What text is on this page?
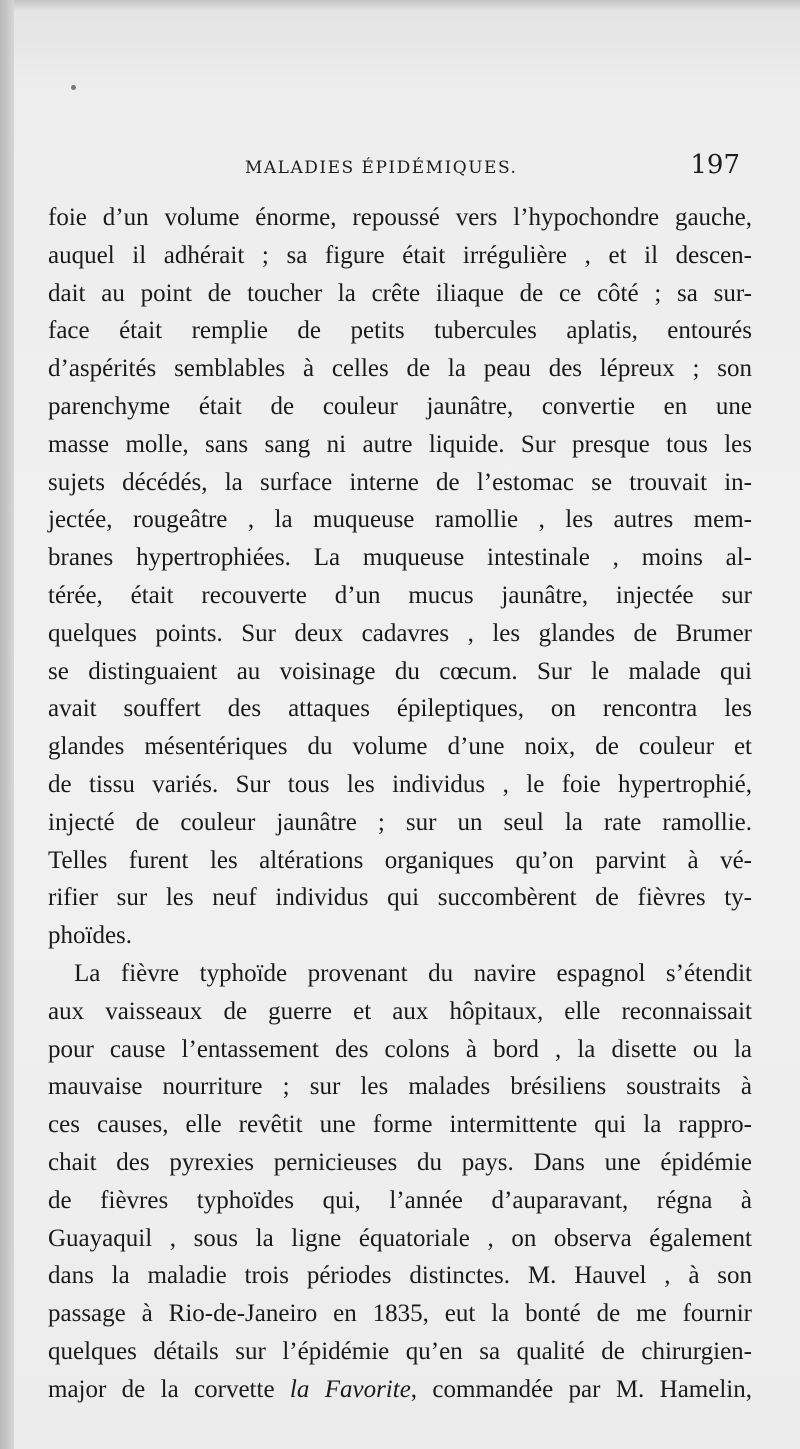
MALADIES ÉPIDÉMIQUES.	197
foie d’un volume énorme, repoussé vers l’hypochondre gauche,
auquel il adhérait ; sa figure était irrégulière , et il descen-
dait au point de toucher la crête iliaque de ce côté ; sa sur-
face était remplie de petits tubercules aplatis, entourés
d’aspérités semblables à celles de la peau des lépreux ; son
parenchyme était de couleur jaunâtre, convertie en une
masse molle, sans sang ni autre liquide. Sur presque tous les
sujets décédés, la surface interne de l’estomac se trouvait in-
jectée, rougeâtre , la muqueuse ramollie , les autres mem-
branes hypertrophiées. La muqueuse intestinale , moins al-
térée, était recouverte d’un mucus jaunâtre, injectée sur
quelques points. Sur deux cadavres , les glandes de Brumer
se distinguaient au voisinage du cœcum. Sur le malade qui
avait souffert des attaques épileptiques, on rencontra les
glandes mésentériques du volume d’une noix, de couleur et
de tissu variés. Sur tous les individus , le foie hypertrophié,
injecté de couleur jaunâtre ; sur un seul la rate ramollie.
Telles furent les altérations organiques qu’on parvint à vé-
rifier sur les neuf individus qui succombèrent de fièvres ty-
phoïdes.
La fièvre typhoïde provenant du navire espagnol s’étendit
aux vaisseaux de guerre et aux hôpitaux, elle reconnaissait
pour cause l’entassement des colons à bord , la disette ou la
mauvaise nourriture ; sur les malades brésiliens soustraits à
ces causes, elle revêtit une forme intermittente qui la rappro-
chait des pyrexies pernicieuses du pays. Dans une épidémie
de fièvres typhoïdes qui, l’année d’auparavant, régna à
Guayaquil , sous la ligne équatoriale , on observa également
dans la maladie trois périodes distinctes. M. Hauvel , à son
passage à Rio-de-Janeiro en 1835, eut la bonté de me fournir
quelques détails sur l’épidémie qu’en sa qualité de chirurgien-
major de la corvette la Favorite, commandée par M. Hamelin,
